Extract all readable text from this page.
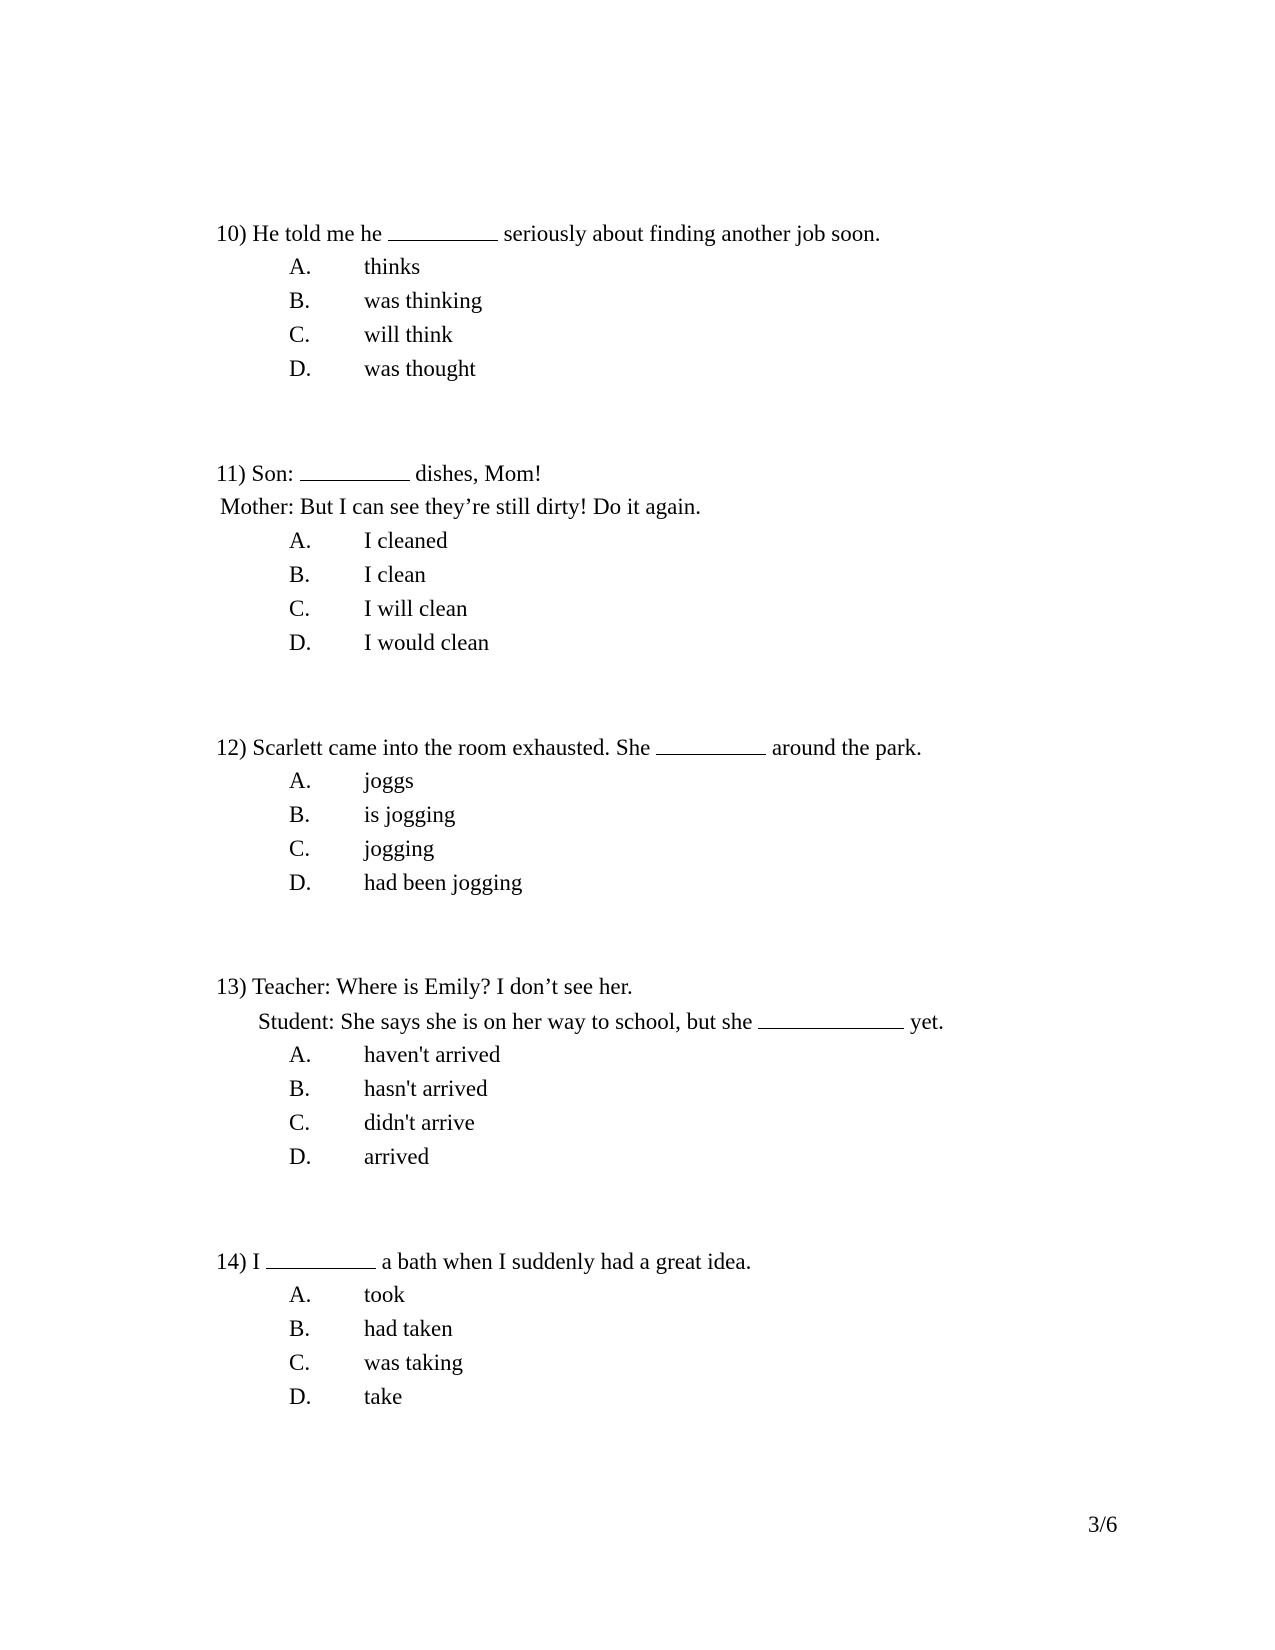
10) He told me he	seriously about finding another job soon.
A.	thinks
B.	was thinking
C.	will think
D.	was thought
11) Son:	dishes, Mom!
Mother: But I can see they’re still dirty! Do it again.
A.	I cleaned
B.	I clean
C.	I will clean
D.	I would clean
12) Scarlett came into the room exhausted. She	around the park.
A.	joggs
B.	is jogging
C.	jogging
D.	had been jogging
13) Teacher: Where is Emily? I don’t see her.
Student: She says she is on her way to school, but she	yet.
A.	haven't arrived
B.	hasn't arrived
C.	didn't arrive
D.	arrived
14) I	a bath when I suddenly had a great idea.
A.	took
B.	had taken
C.	was taking
D.	take
3/6
